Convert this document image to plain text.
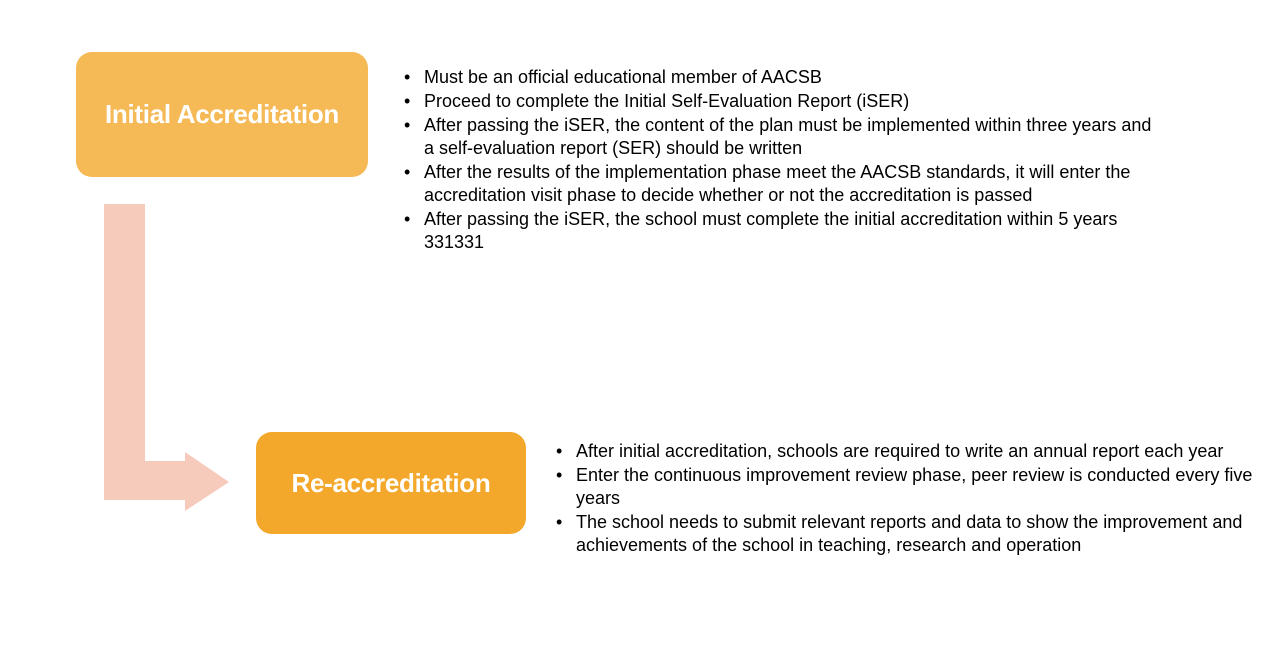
Initial Accreditation
Re-accreditation
• Must be an official educational member of AACSB
• Proceed to complete the Initial Self-Evaluation Report (iSER)
• After passing the iSER, the content of the plan must be implemented within three years and a self-evaluation report (SER) should be written
• After the results of the implementation phase meet the AACSB standards, it will enter the accreditation visit phase to decide whether or not the accreditation is passed
• After passing the iSER, the school must complete the initial accreditation within 5 years 331331
• After initial accreditation, schools are required to write an annual report each year
• Enter the continuous improvement review phase, peer review is conducted every five years
• The school needs to submit relevant reports and data to show the improvement and achievements of the school in teaching, research and operation
